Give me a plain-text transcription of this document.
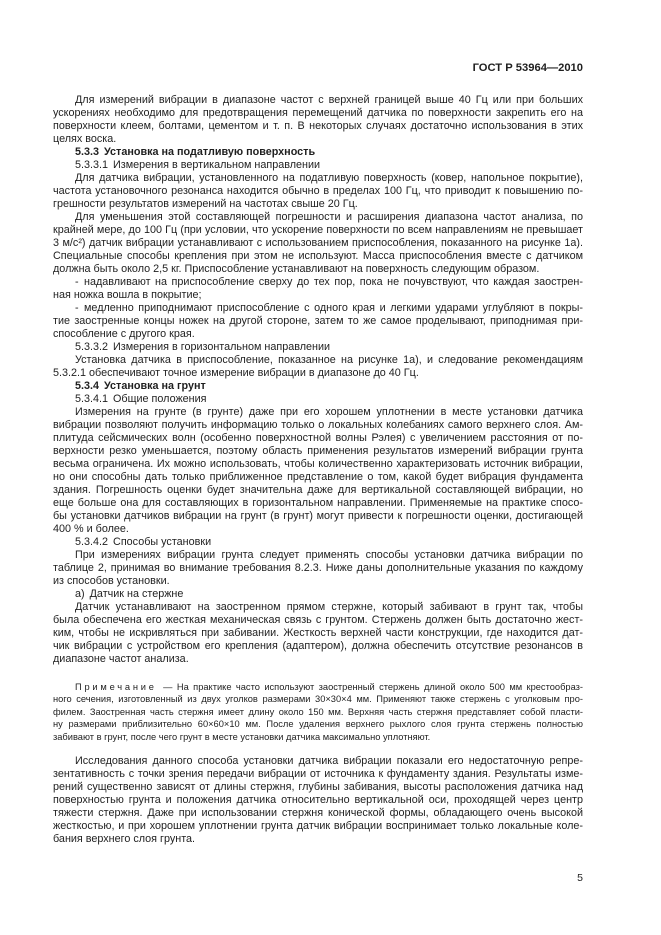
ГОСТ Р 53964—2010
Для измерений вибрации в диапазоне частот с верхней границей выше 40 Гц или при больших
ускорениях необходимо для предотвращения перемещений датчика по поверхности закрепить его на
поверхности клеем, болтами, цементом и т. п. В некоторых случаях достаточно использования в этих
целях воска.
5.3.3 Установка на податливую поверхность
5.3.3.1 Измерения в вертикальном направлении
Для датчика вибрации, установленного на податливую поверхность (ковер, напольное покрытие),
частота установочного резонанса находится обычно в пределах 100 Гц, что приводит к повышению по-
грешности результатов измерений на частотах свыше 20 Гц.
Для уменьшения этой составляющей погрешности и расширения диапазона частот анализа, по
крайней мере, до 100 Гц (при условии, что ускорение поверхности по всем направлениям не превышает
3 м/с²) датчик вибрации устанавливают с использованием приспособления, показанного на рисунке 1а).
Специальные способы крепления при этом не используют. Масса приспособления вместе с датчиком
должна быть около 2,5 кг. Приспособление устанавливают на поверхность следующим образом.
- надавливают на приспособление сверху до тех пор, пока не почувствуют, что каждая заострен-
ная ножка вошла в покрытие;
- медленно приподнимают приспособление с одного края и легкими ударами углубляют в покры-
тие заостренные концы ножек на другой стороне, затем то же самое проделывают, приподнимая при-
способление с другого края.
5.3.3.2 Измерения в горизонтальном направлении
Установка датчика в приспособление, показанное на рисунке 1а), и следование рекомендациям
5.3.2.1 обеспечивают точное измерение вибрации в диапазоне до 40 Гц.
5.3.4 Установка на грунт
5.3.4.1 Общие положения
Измерения на грунте (в грунте) даже при его хорошем уплотнении в месте установки датчика
вибрации позволяют получить информацию только о локальных колебаниях самого верхнего слоя. Ам-
плитуда сейсмических волн (особенно поверхностной волны Рэлея) с увеличением расстояния от по-
верхности резко уменьшается, поэтому область применения результатов измерений вибрации грунта
весьма ограничена. Их можно использовать, чтобы количественно характеризовать источник вибрации,
но они способны дать только приближенное представление о том, какой будет вибрация фундамента
здания. Погрешность оценки будет значительна даже для вертикальной составляющей вибрации, но
еще больше она для составляющих в горизонтальном направлении. Применяемые на практике спосо-
бы установки датчиков вибрации на грунт (в грунт) могут привести к погрешности оценки, достигающей
400 % и более.
5.3.4.2 Способы установки
При измерениях вибрации грунта следует применять способы установки датчика вибрации по
таблице 2, принимая во внимание требования 8.2.3. Ниже даны дополнительные указания по каждому
из способов установки.
а) Датчик на стержне
Датчик устанавливают на заостренном прямом стержне, который забивают в грунт так, чтобы
была обеспечена его жесткая механическая связь с грунтом. Стержень должен быть достаточно жест-
ким, чтобы не искривляться при забивании. Жесткость верхней части конструкции, где находится дат-
чик вибрации с устройством его крепления (адаптером), должна обеспечить отсутствие резонансов в
диапазоне частот анализа.
Примечание — На практике часто используют заостренный стержень длиной около 500 мм крестообраз-
ного сечения, изготовленный из двух уголков размерами 30×30×4 мм. Применяют также стержень с уголковым про-
филем. Заостренная часть стержня имеет длину около 150 мм. Верхняя часть стержня представляет собой пласти-
ну размерами приблизительно 60×60×10 мм. После удаления верхнего рыхлого слоя грунта стержень полностью
забивают в грунт, после чего грунт в месте установки датчика максимально уплотняют.
Исследования данного способа установки датчика вибрации показали его недостаточную репре-
зентативность с точки зрения передачи вибрации от источника к фундаменту здания. Результаты изме-
рений существенно зависят от длины стержня, глубины забивания, высоты расположения датчика над
поверхностью грунта и положения датчика относительно вертикальной оси, проходящей через центр
тяжести стержня. Даже при использовании стержня конической формы, обладающего очень высокой
жесткостью, и при хорошем уплотнении грунта датчик вибрации воспринимает только локальные коле-
бания верхнего слоя грунта.
5
